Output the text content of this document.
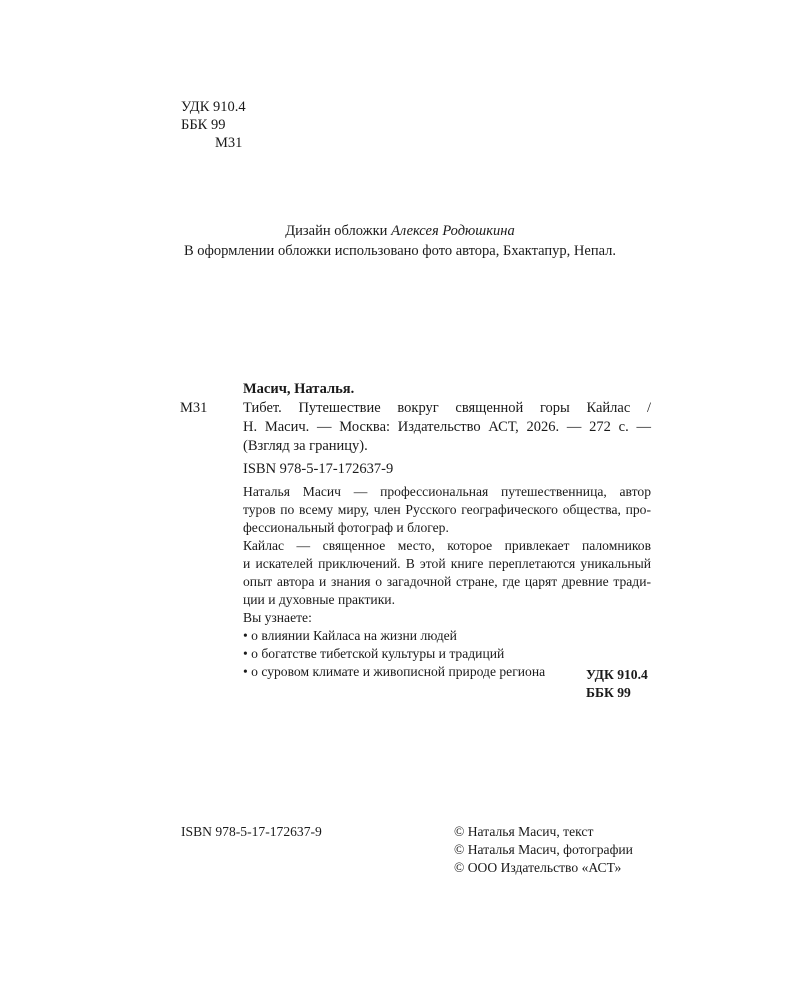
УДК 910.4
ББК 99
М31
Дизайн обложки Алексея Родюшкина
В оформлении обложки использовано фото автора, Бхактапур, Непал.
Масич, Наталья.
М31 Тибет. Путешествие вокруг священной горы Кайлас /
Н. Масич. — Москва: Издательство АСТ, 2026. — 272 с. —
(Взгляд за границу).
ISBN 978-5-17-172637-9
Наталья Масич — профессиональная путешественница, автор
туров по всему миру, член Русского географического общества, про-
фессиональный фотограф и блогер.
Кайлас — священное место, которое привлекает паломников
и искателей приключений. В этой книге переплетаются уникальный
опыт автора и знания о загадочной стране, где царят древние тради-
ции и духовные практики.
Вы узнаете:
• о влиянии Кайласа на жизни людей
• о богатстве тибетской культуры и традиций
• о суровом климате и живописной природе региона	УДК 910.4
ББК 99
ISBN 978-5-17-172637-9	© Наталья Масич, текст
© Наталья Масич, фотографии
© ООО Издательство «АСТ»
